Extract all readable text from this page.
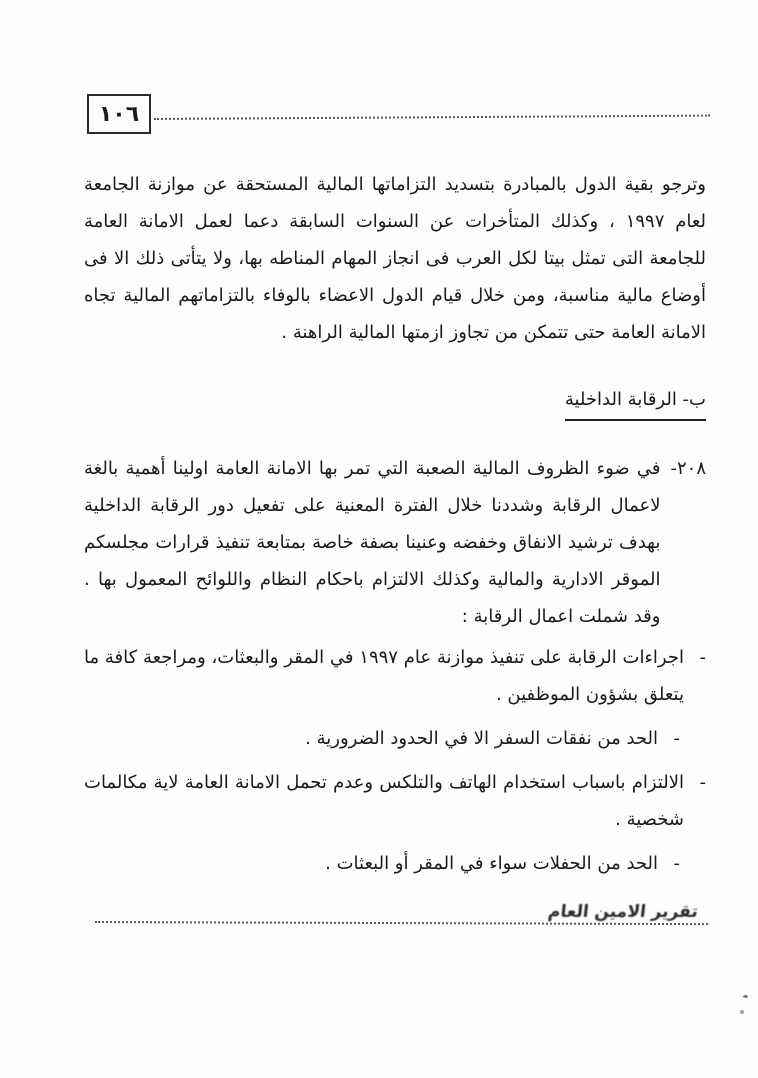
١٠٦

وترجو بقية الدول بالمبادرة بتسديد التزاماتها المالية المستحقة عن موازنة الجامعة لعام ١٩٩٧ ، وكذلك المتأخرات عن السنوات السابقة دعما لعمل الامانة العامة للجامعة التى تمثل بيتا لكل العرب فى انجاز المهام المناطه بها، ولا يتأتى ذلك الا فى أوضاع مالية مناسبة، ومن خلال قيام الدول الاعضاء بالوفاء بالتزاماتهم المالية تجاه الامانة العامة حتى تتمكن من تجاوز ازمتها المالية الراهنة .

ب- الرقابة الداخلية
٢٠٨-

في ضوء الظروف المالية الصعبة التي تمر بها الامانة العامة اولينا أهمية بالغة لاعمال الرقابة وشددنا خلال الفترة المعنية على تفعيل دور الرقابة الداخلية بهدف ترشيد الانفاق وخفضه وعنينا بصفة خاصة بمتابعة تنفيذ قرارات مجلسكم الموقر الادارية والمالية وكذلك الالتزام باحكام النظام واللوائح المعمول بها . وقد شملت اعمال الرقابة :

-

اجراءات الرقابة على تنفيذ موازنة عام ١٩٩٧ في المقر والبعثات، ومراجعة كافة ما يتعلق بشؤون الموظفين .

-

الحد من نفقات السفر الا في الحدود الضرورية .

-

الالتزام باسباب استخدام الهاتف والتلكس وعدم تحمل الامانة العامة لاية مكالمات شخصية .

-

الحد من الحفلات سواء في المقر أو البعثات .

تقرير الامين العام
